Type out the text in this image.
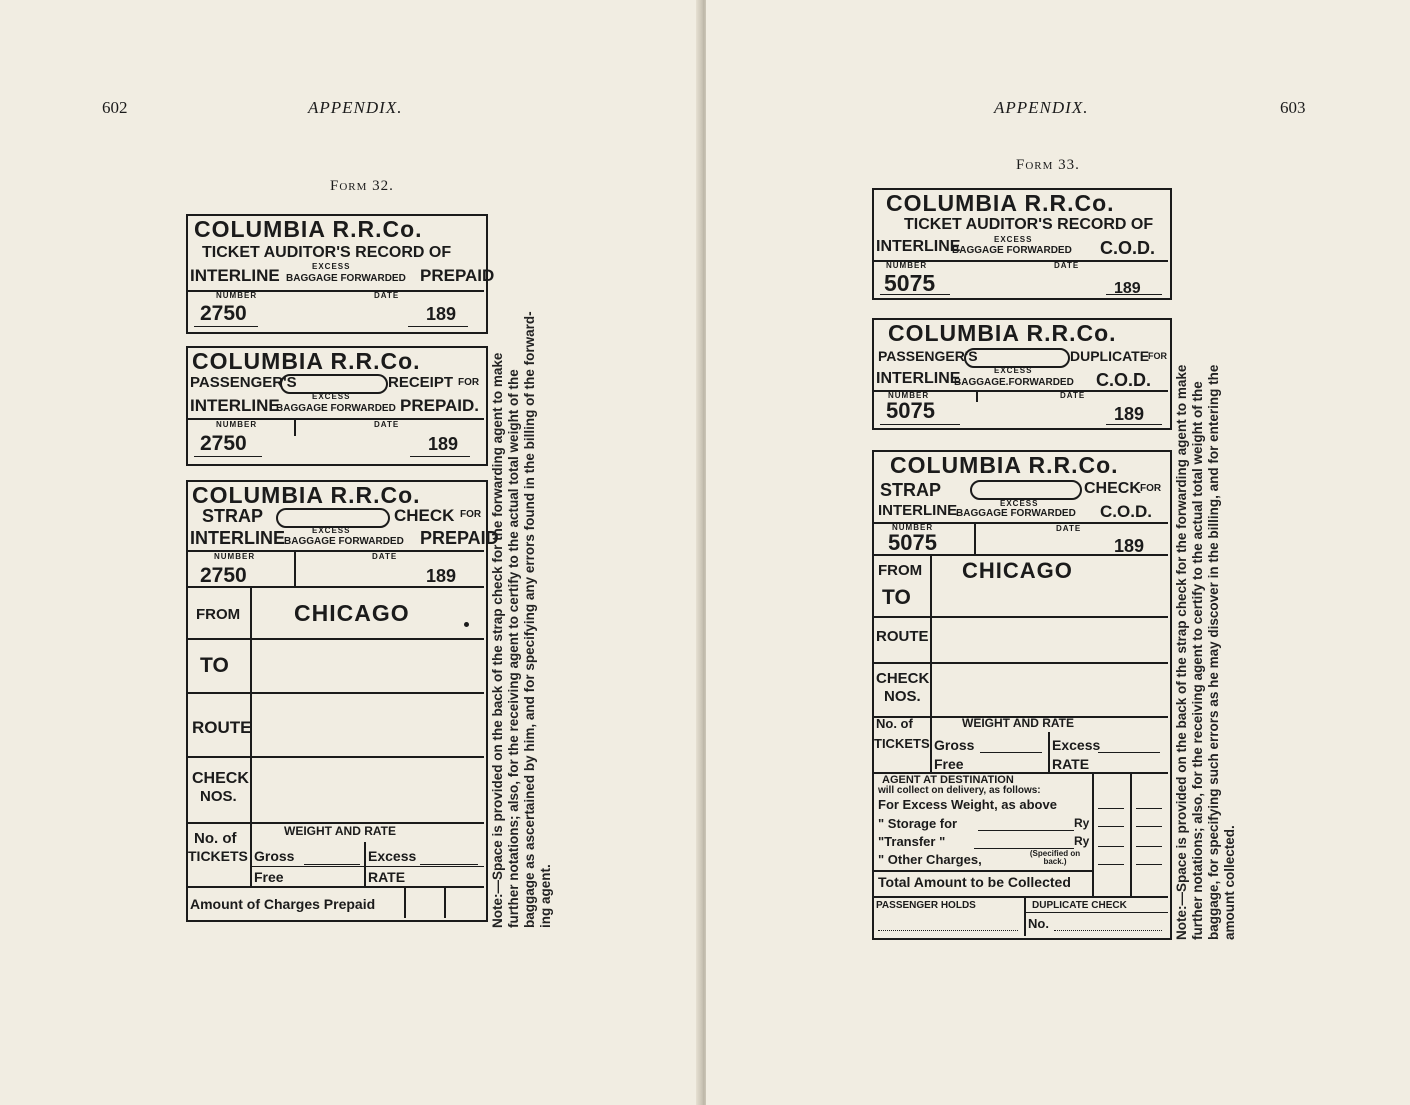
602	APPENDIX.
Form 32.
COLUMBIA R.R.Co.
TICKET AUDITOR'S RECORD OF
INTERLINE	EXCESS
BAGGAGE FORWARDED PREPAID
NUMBER	DATE
2750	189
COLUMBIA R.R.Co.
PASSENGER'S	RECEIPT FOR
EXCESS
INTERLINE
BAGGAGE FORWARDED PREPAID.
NUMBER	DATE
2750	189
COLUMBIA R.R.Co.
STRAP	CHECK FOR
EXCESS
INTERLINE
BAGGAGE FORWARDED PREPAID
NUMBER	DATE
2750	189
FROM CHICAGO
TO
ROUTE
CHECK
NOS.
No. of
TICKETS
WEIGHT AND RATE
Gross	Excess
Free	RATE
Amount of Charges Prepaid	Note:—Space is provided on the back of the strap check for the forwarding agent to make further notations; also, for the receiving agent to certify to the actual total weight of the baggage as ascertained by him, and for specifying any errors found in the billing of the forward- ing agent.
APPENDIX.	603
Form 33.
COLUMBIA R.R.Co.
TICKET AUDITOR'S RECORD OF
INTERLINE	EXCESS
BAGGAGE FORWARDED C.O.D.
NUMBER	DATE
5075	189
COLUMBIA R.R.Co.
PASSENGER'S	DUPLICATE
FOR
EXCESS
INTERLINE
BAGGAGE.FORWARDED C.O.D.
NUMBER	DATE
5075	189
COLUMBIA R.R.Co.
STRAP	CHECK FOR
EXCESS
INTERLINE
BAGGAGE FORWARDED C.O.D.
NUMBER	DATE
5075	189
FROM CHICAGO
TO
ROUTE
CHECK
NOS.
No. of
TICKETS
WEIGHT AND RATE
Gross	Excess
Free	RATE
AGENT AT DESTINATION
will collect on delivery, as follows:
For Excess Weight, as above
" Storage for	Ry
"Transfer "	Ry
" Other Charges,	(Specified on back.)
Total Amount to be Collected
PASSENGER HOLDS	DUPLICATE CHECK
No.	Note:—Space is provided on the back of the strap check for the forwarding agent to make further notations; also, for the receiving agent to certify to the actual total weight of the baggage, for specifying such errors as he may discover in the billing, and for entering the amount collected.
